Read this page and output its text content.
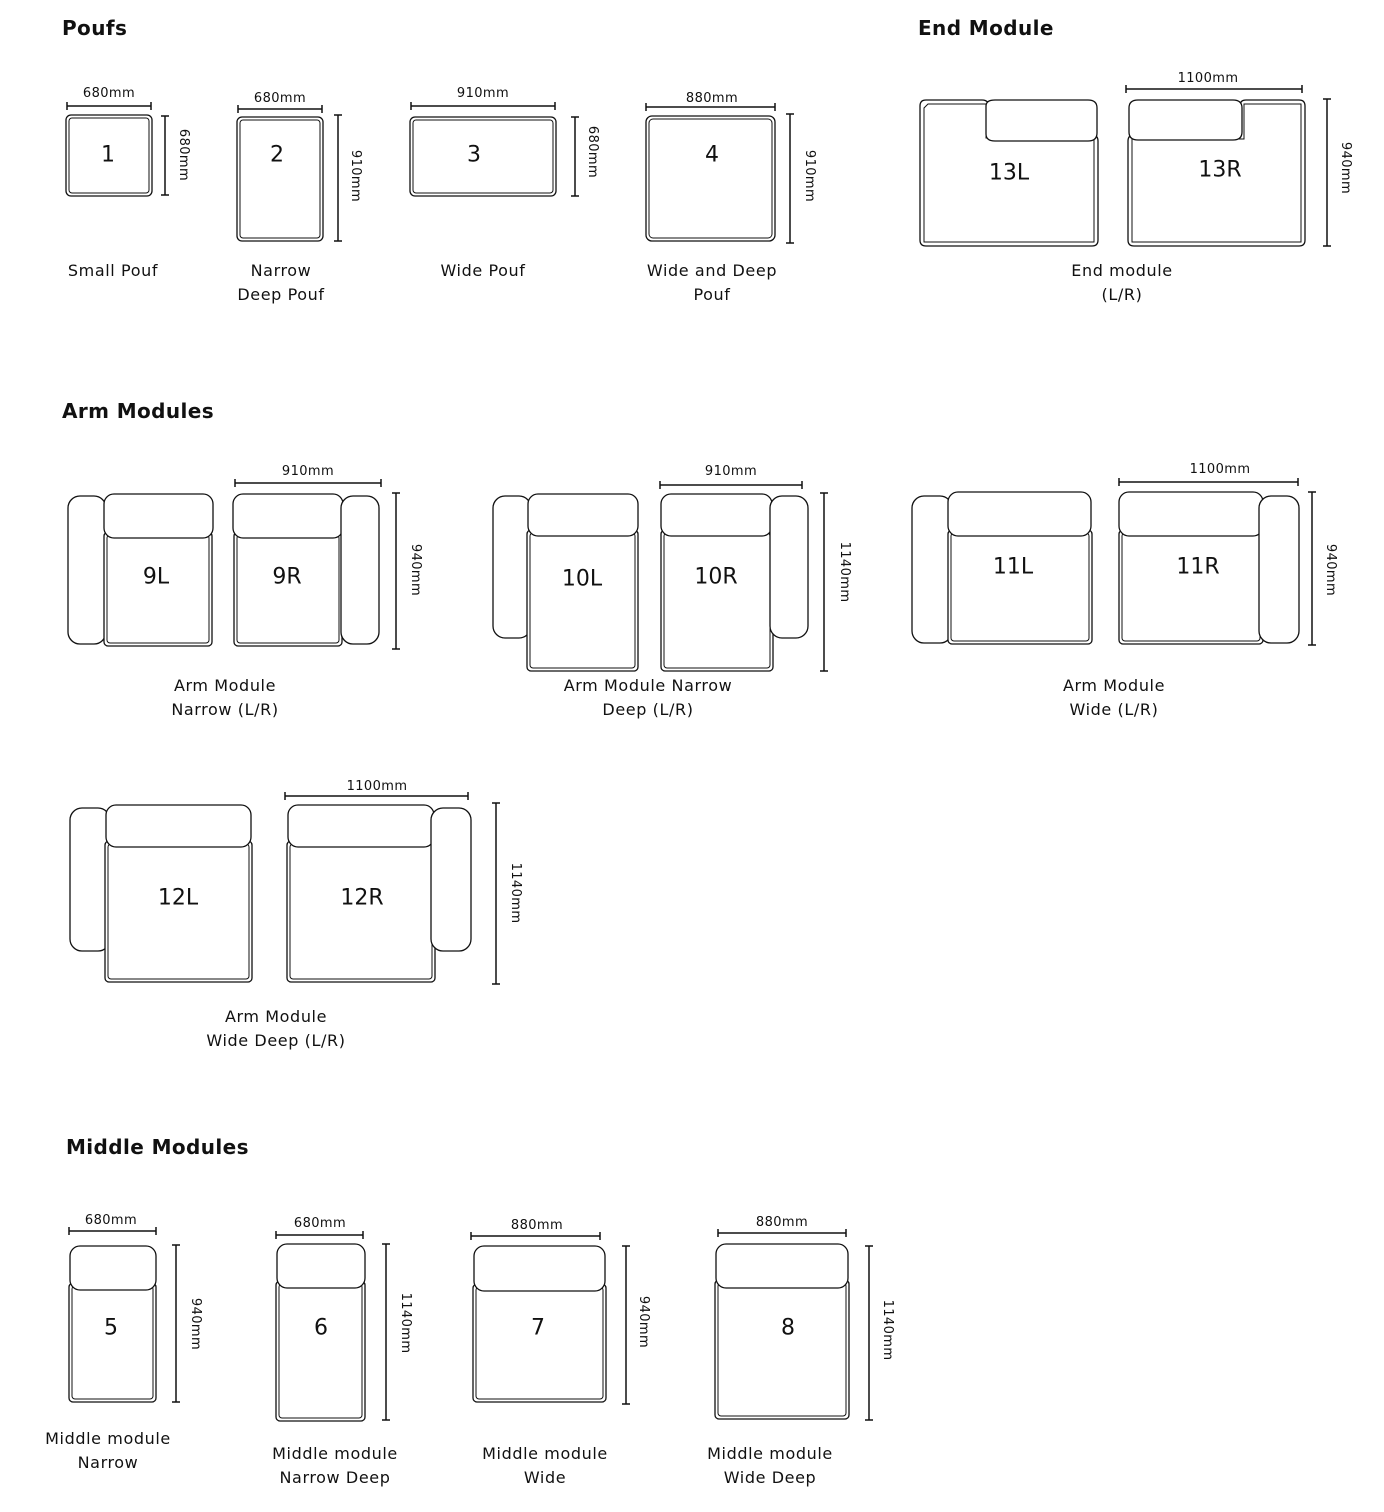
Poufs	End Module
Arm Modules
Middle Modules
Small Pouf	Narrow
Deep Pouf
Wide Pouf	Wide and Deep
Pouf
End module
(L/R)
Arm Module
Narrow (L/R)
Arm Module Narrow
Deep (L/R)
Arm Module
Wide (L/R)
Arm Module
Wide Deep (L/R)
Middle module
Narrow	Middle module
Narrow Deep
Middle module
Wide
Middle module
Wide Deep
1
680mm
680mm	2
680mm
910mm	3
910mm
680mm	4
880mm
910mm	13L	13R
1100mm
940mm
9L	9R
910mm
940mm	10L	10R
910mm
1140mm	11L	11R
1100mm
940mm
12L	12R
1100mm
1140mm
5
680mm
940mm	6
680mm
1140mm	7
880mm
940mm	8
880mm
1140mm
